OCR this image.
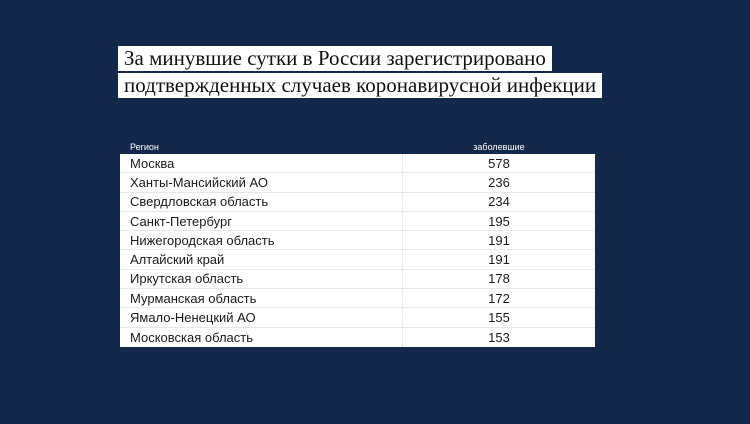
За минувшие сутки в России зарегистрировано
подтвержденных случаев коронавирусной инфекции
Регион	заболевшие
Москва	578
Ханты-Мансийский АО	236
Свердловская область	234
Санкт-Петербург	195
Нижегородская область	191
Алтайский край	191
Иркутская область	178
Мурманская область	172
Ямало-Ненецкий АО	155
Московская область	153
